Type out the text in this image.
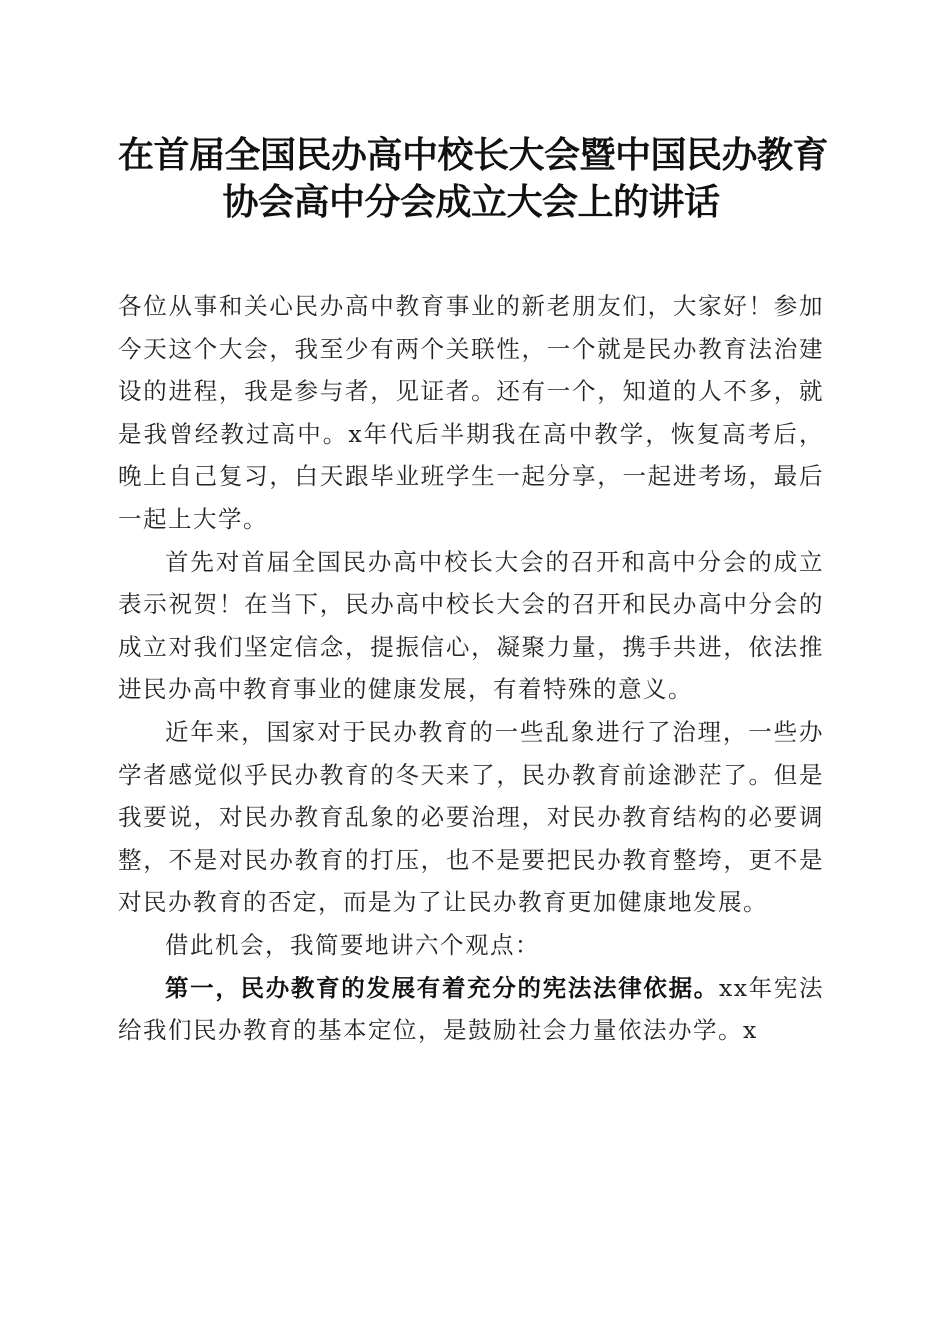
在首届全国民办高中校长大会暨中国民办教育
协会高中分会成立大会上的讲话

各位从事和关心民办高中教育事业的新老朋友们，大家好！参加今天这个大会，我至少有两个关联性，一个就是民办教育法治建设的进程，我是参与者，见证者。还有一个，知道的人不多，就是我曾经教过高中。x年代后半期我在高中教学，恢复高考后，晚上自己复习，白天跟毕业班学生一起分享，一起进考场，最后一起上大学。

首先对首届全国民办高中校长大会的召开和高中分会的成立表示祝贺！在当下，民办高中校长大会的召开和民办高中分会的成立对我们坚定信念，提振信心，凝聚力量，携手共进，依法推进民办高中教育事业的健康发展，有着特殊的意义。

近年来，国家对于民办教育的一些乱象进行了治理，一些办学者感觉似乎民办教育的冬天来了，民办教育前途渺茫了。但是我要说，对民办教育乱象的必要治理，对民办教育结构的必要调整，不是对民办教育的打压，也不是要把民办教育整垮，更不是对民办教育的否定，而是为了让民办教育更加健康地发展。

借此机会，我简要地讲六个观点：

第一，民办教育的发展有着充分的宪法法律依据。xx年宪法给我们民办教育的基本定位，是鼓励社会力量依法办学。x
